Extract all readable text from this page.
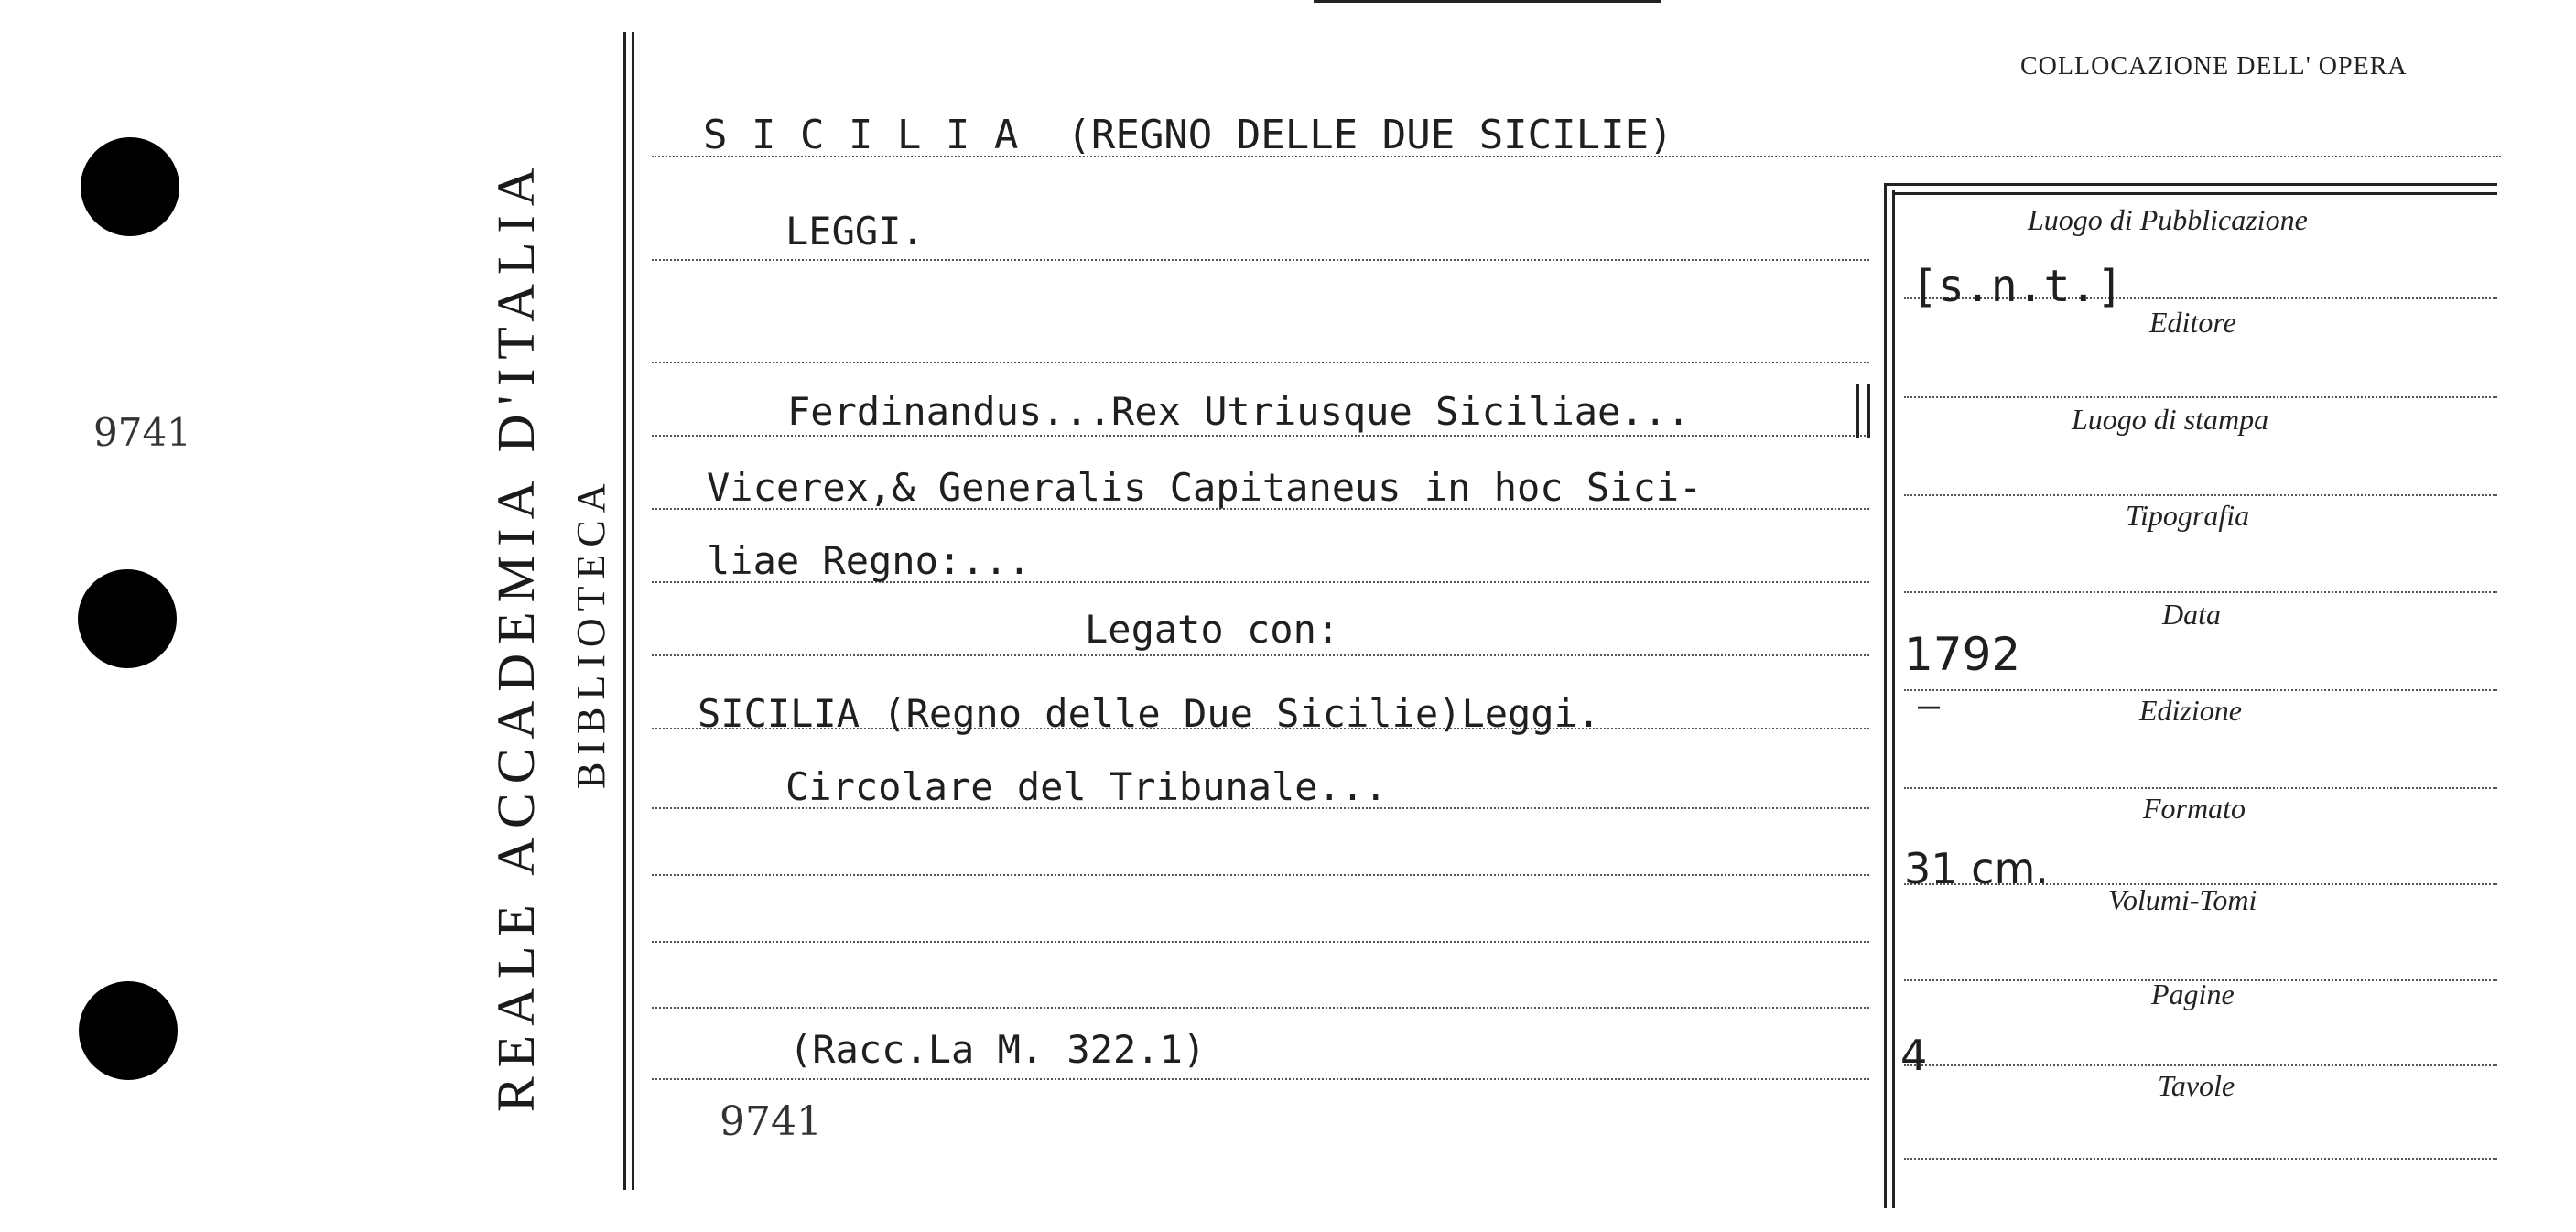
9741	REALE ACCADEMIA D'ITALIA BIBLIOTECA
COLLOCAZIONE DELL' OPERA
S I C I L I A  (REGNO DELLE DUE SICILIE)
LEGGI.
Ferdinandus...Rex Utriusque Siciliae...
Vicerex,& Generalis Capitaneus in hoc Sici-
liae Regno:...
Legato con:
SICILIA (Regno delle Due Sicilie)Leggi.
Circolare del Tribunale...
(Racc.La M. 322.1)
9741
Luogo di Pubblicazione
[s.n.t.]
Editore
Luogo di stampa
Tipografia
Data
1792
Edizione
—
Formato
31 cm.
Volumi-Tomi
Pagine
4
Tavole
